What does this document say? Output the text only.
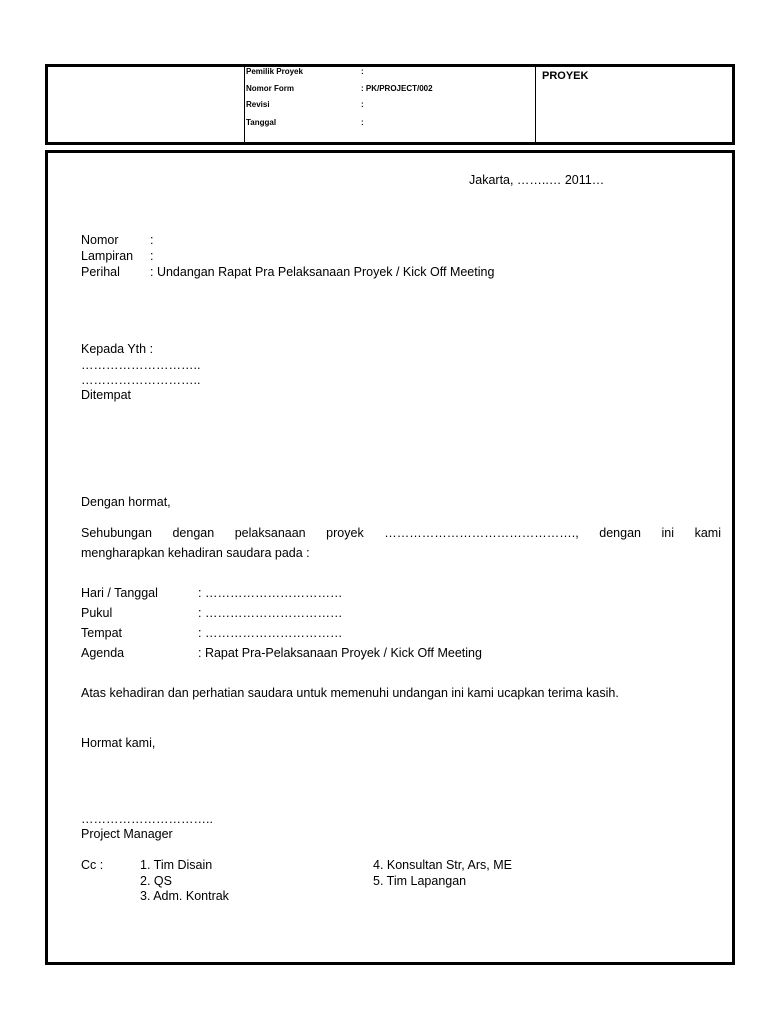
Pemilik Proyek	:
Nomor Form	: PK/PROJECT/002
Revisi	:
Tanggal	:
PROYEK
Jakarta, ……..… 2011…
Nomor	:
Lampiran :
Perihal : Undangan Rapat Pra Pelaksanaan Proyek / Kick Off Meeting
Kepada Yth :
………………………..
………………………..
Ditempat
Dengan hormat,
Sehubungan dengan pelaksanaan proyek ………………………………………., dengan ini kami
mengharapkan kehadiran saudara pada :
Hari / Tanggal	: ……………………………
Pukul	: ……………………………
Tempat	: ……………………………
Agenda	: Rapat Pra-Pelaksanaan Proyek / Kick Off Meeting
Atas kehadiran dan perhatian saudara untuk memenuhi undangan ini kami ucapkan terima kasih.
Hormat kami,
…………………………..
Project Manager
Cc :	1. Tim Disain
2. QS
3. Adm. Kontrak
4. Konsultan Str, Ars, ME
5. Tim Lapangan
